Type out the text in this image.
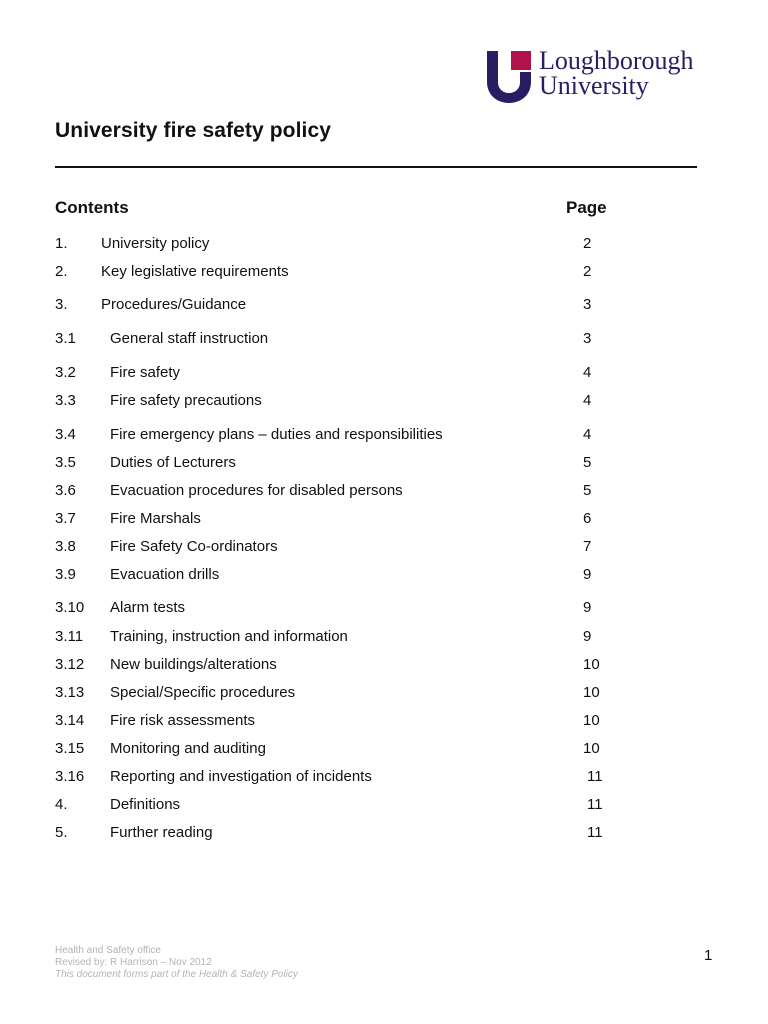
Loughborough
University
University fire safety policy
Contents	Page
1. University policy	2
2. Key legislative requirements	2
3. Procedures/Guidance	3
3.1 General staff instruction	3
3.2 Fire safety	4
3.3 Fire safety precautions	4
3.4 Fire emergency plans – duties and responsibilities	4
3.5 Duties of Lecturers	5
3.6 Evacuation procedures for disabled persons	5
3.7 Fire Marshals	6
3.8 Fire Safety Co-ordinators	7
3.9 Evacuation drills	9
3.10 Alarm tests	9
3.11 Training, instruction and information	9
3.12 New buildings/alterations	10
3.13 Special/Specific procedures	10
3.14 Fire risk assessments	10
3.15 Monitoring and auditing	10
3.16 Reporting and investigation of incidents	11
4.	Definitions	11
5.	Further reading	11
Health and Safety office
Revised by: R Harrison – Nov 2012
This document forms part of the Health & Safety Policy
1
